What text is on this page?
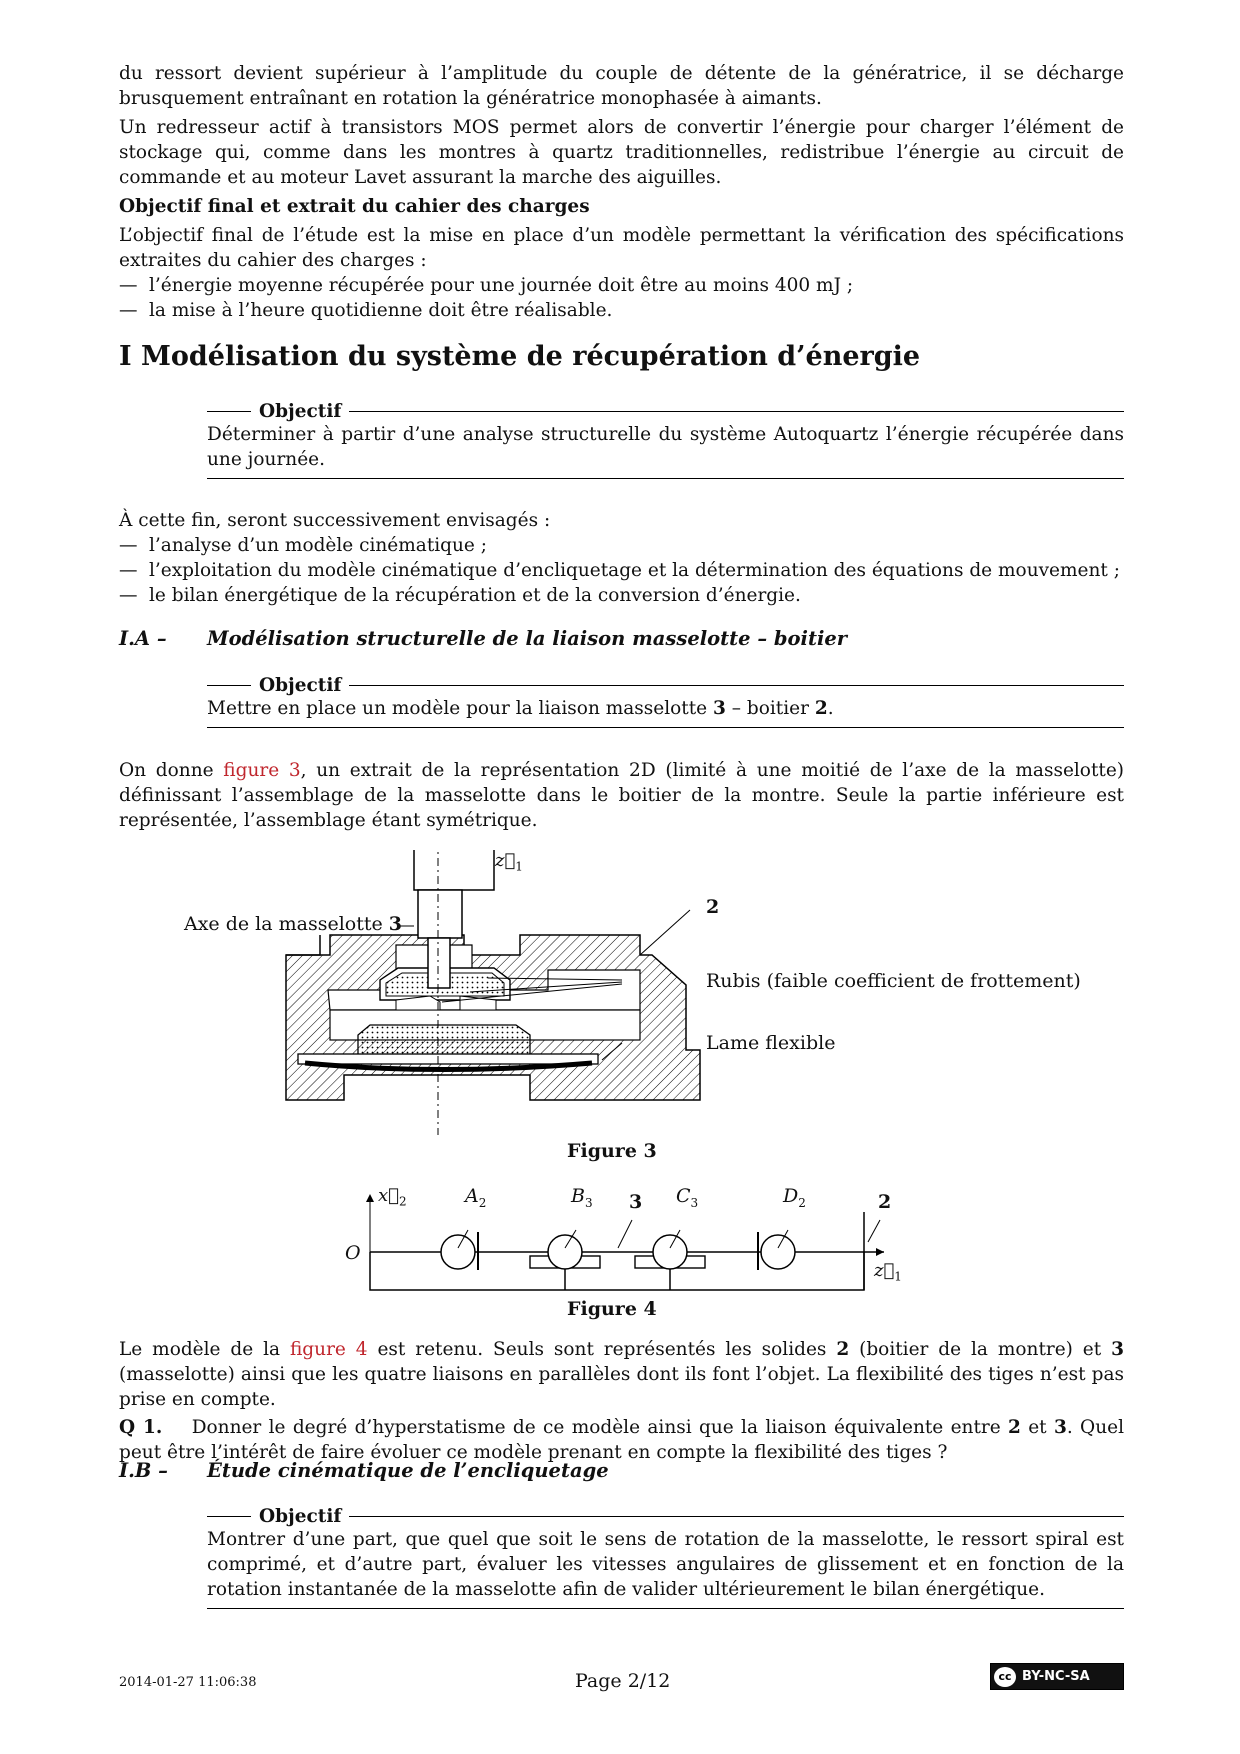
du ressort devient supérieur à l’amplitude du couple de détente de la génératrice, il se décharge brusquement entraînant en rotation la génératrice monophasée à aimants.

Un redresseur actif à transistors MOS permet alors de convertir l’énergie pour charger l’élément de stockage qui, comme dans les montres à quartz traditionnelles, redistribue l’énergie au circuit de commande et au moteur Lavet assurant la marche des aiguilles.

Objectif final et extrait du cahier des charges

L’objectif final de l’étude est la mise en place d’un modèle permettant la vérification des spécifications extraites du cahier des charges :

— l’énergie moyenne récupérée pour une journée doit être au moins 400 mJ ;

— la mise à l’heure quotidienne doit être réalisable.

I Modélisation du système de récupération d’énergie
Objectif
Déterminer à partir d’une analyse structurelle du système Autoquartz l’énergie récupérée dans une journée.

À cette fin, seront successivement envisagés :

— l’analyse d’un modèle cinématique ;

— l’exploitation du modèle cinématique d’encliquetage et la détermination des équations de mouvement ;

— le bilan énergétique de la récupération et de la conversion d’énergie.

I.A – Modélisation structurelle de la liaison masselotte – boitier
Objectif
Mettre en place un modèle pour la liaison masselotte 3 – boitier 2.

On donne figure 3, un extrait de la représentation 2D (limité à une moitié de l’axe de la masselotte) définissant l’assemblage de la masselotte dans le boitier de la montre. Seule la partie inférieure est représentée, l’assemblage étant symétrique.

$z⃗_1$
Axe de la masselotte 3
2
Rubis (faible coefficient de frottement)
Lame flexible
Figure 3
$x⃗_2$
O
$A_2$	$B_3$ 3 $C_3$	$D_2$	2
$z⃗_1$
Figure 4

Le modèle de la figure 4 est retenu. Seuls sont représentés les solides 2 (boitier de la montre) et 3 (masselotte) ainsi que les quatre liaisons en parallèles dont ils font l’objet. La flexibilité des tiges n’est pas prise en compte.

Q 1. Donner le degré d’hyperstatisme de ce modèle ainsi que la liaison équivalente entre 2 et 3. Quel peut être l’intérêt de faire évoluer ce modèle prenant en compte la flexibilité des tiges ?

I.B – Étude cinématique de l’encliquetage
Objectif
Montrer d’une part, que quel que soit le sens de rotation de la masselotte, le ressort spiral est comprimé, et d’autre part, évaluer les vitesses angulaires de glissement et en fonction de la rotation instantanée de la masselotte afin de valider ultérieurement le bilan énergétique.
2014-01-27 11:06:38	Page 2/12	cc BY-NC-SA
